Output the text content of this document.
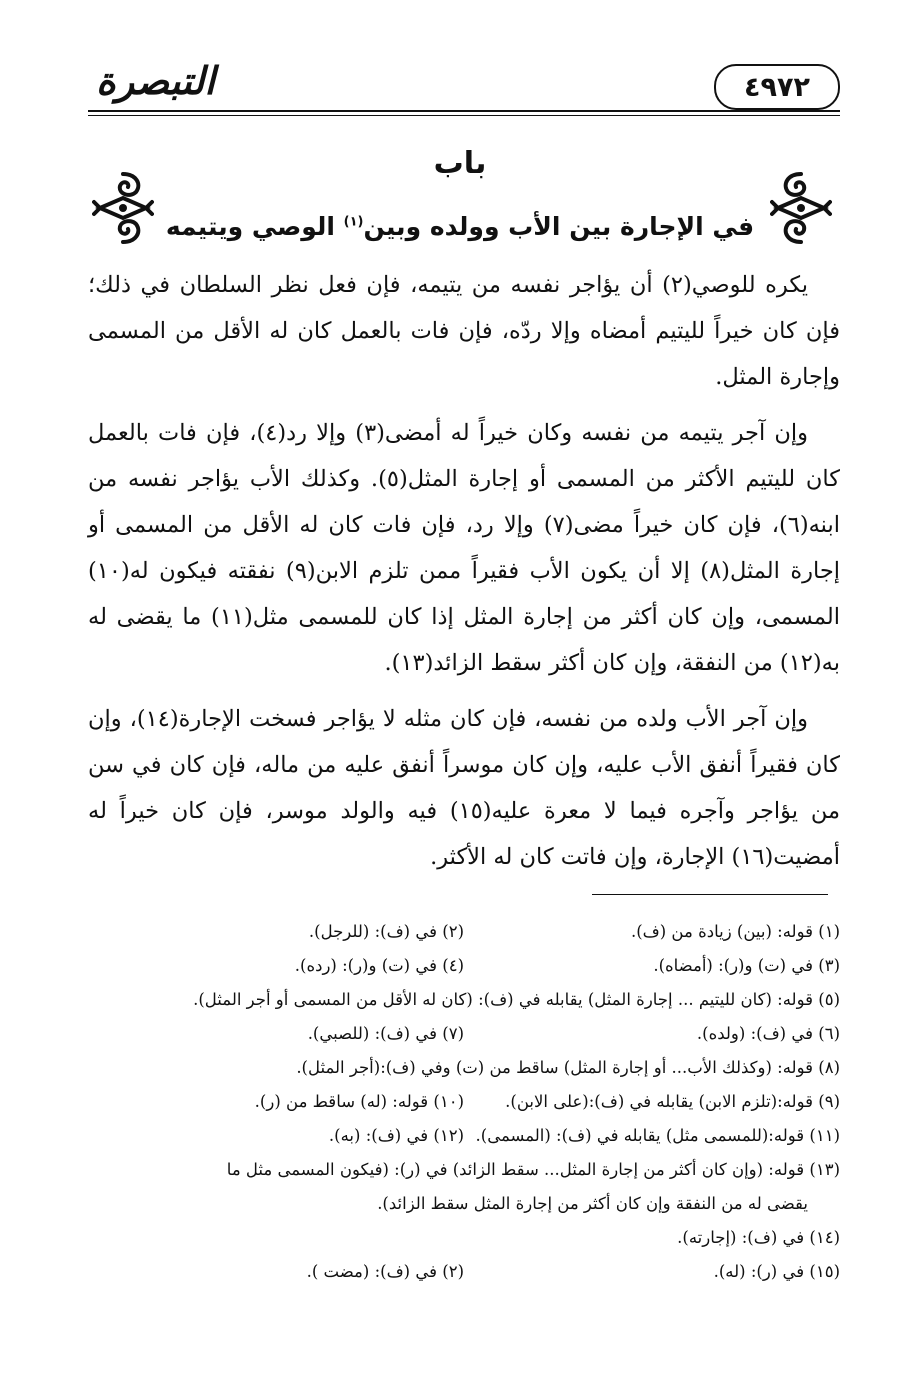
التبصرة	٤٩٧٢
باب
في الإجارة بين الأب وولده وبين$^{(١)}$ الوصي ويتيمه

يكره للوصي(٢) أن يؤاجر نفسه من يتيمه، فإن فعل نظر السلطان في ذلك؛ فإن كان خيراً لليتيم أمضاه وإلا ردّه، فإن فات بالعمل كان له الأقل من المسمى وإجارة المثل.

وإن آجر يتيمه من نفسه وكان خيراً له أمضى(٣) وإلا رد(٤)، فإن فات بالعمل كان لليتيم الأكثر من المسمى أو إجارة المثل(٥). وكذلك الأب يؤاجر نفسه من ابنه(٦)، فإن كان خيراً مضى(٧) وإلا رد، فإن فات كان له الأقل من المسمى أو إجارة المثل(٨) إلا أن يكون الأب فقيراً ممن تلزم الابن(٩) نفقته فيكون له(١٠) المسمى، وإن كان أكثر من إجارة المثل إذا كان للمسمى مثل(١١) ما يقضى له به(١٢) من النفقة، وإن كان أكثر سقط الزائد(١٣).

وإن آجر الأب ولده من نفسه، فإن كان مثله لا يؤاجر فسخت الإجارة(١٤)، وإن كان فقيراً أنفق الأب عليه، وإن كان موسراً أنفق عليه من ماله، فإن كان في سن من يؤاجر وآجره فيما لا معرة عليه(١٥) فيه والولد موسر، فإن كان خيراً له أمضيت(١٦) الإجارة، وإن فاتت كان له الأكثر.

(١) قوله: (بين) زيادة من (ف).
(٢) في (ف): (للرجل).
(٣) في (ت) و(ر): (أمضاه).
(٤) في (ت) و(ر): (رده).
(٥) قوله: (كان لليتيم ... إجارة المثل) يقابله في (ف): (كان له الأقل من المسمى أو أجر المثل).
(٦) في (ف): (ولده).
(٧) في (ف): (للصبي).
(٨) قوله: (وكذلك الأب... أو إجارة المثل) ساقط من (ت) وفي (ف):(أجر المثل).
(٩) قوله:(تلزم الابن) يقابله في (ف):(على الابن).
(١٠) قوله: (له) ساقط من (ر).
(١١) قوله:(للمسمى مثل) يقابله في (ف): (المسمى).
(١٢) في (ف): (به).
(١٣) قوله: (وإن كان أكثر من إجارة المثل... سقط الزائد) في (ر): (فيكون المسمى مثل ما
يقضى له من النفقة وإن كان أكثر من إجارة المثل سقط الزائد).
(١٤) في (ف): (إجارته).
(١٥) في (ر): (له).
(٢) في (ف): (مضت ).
